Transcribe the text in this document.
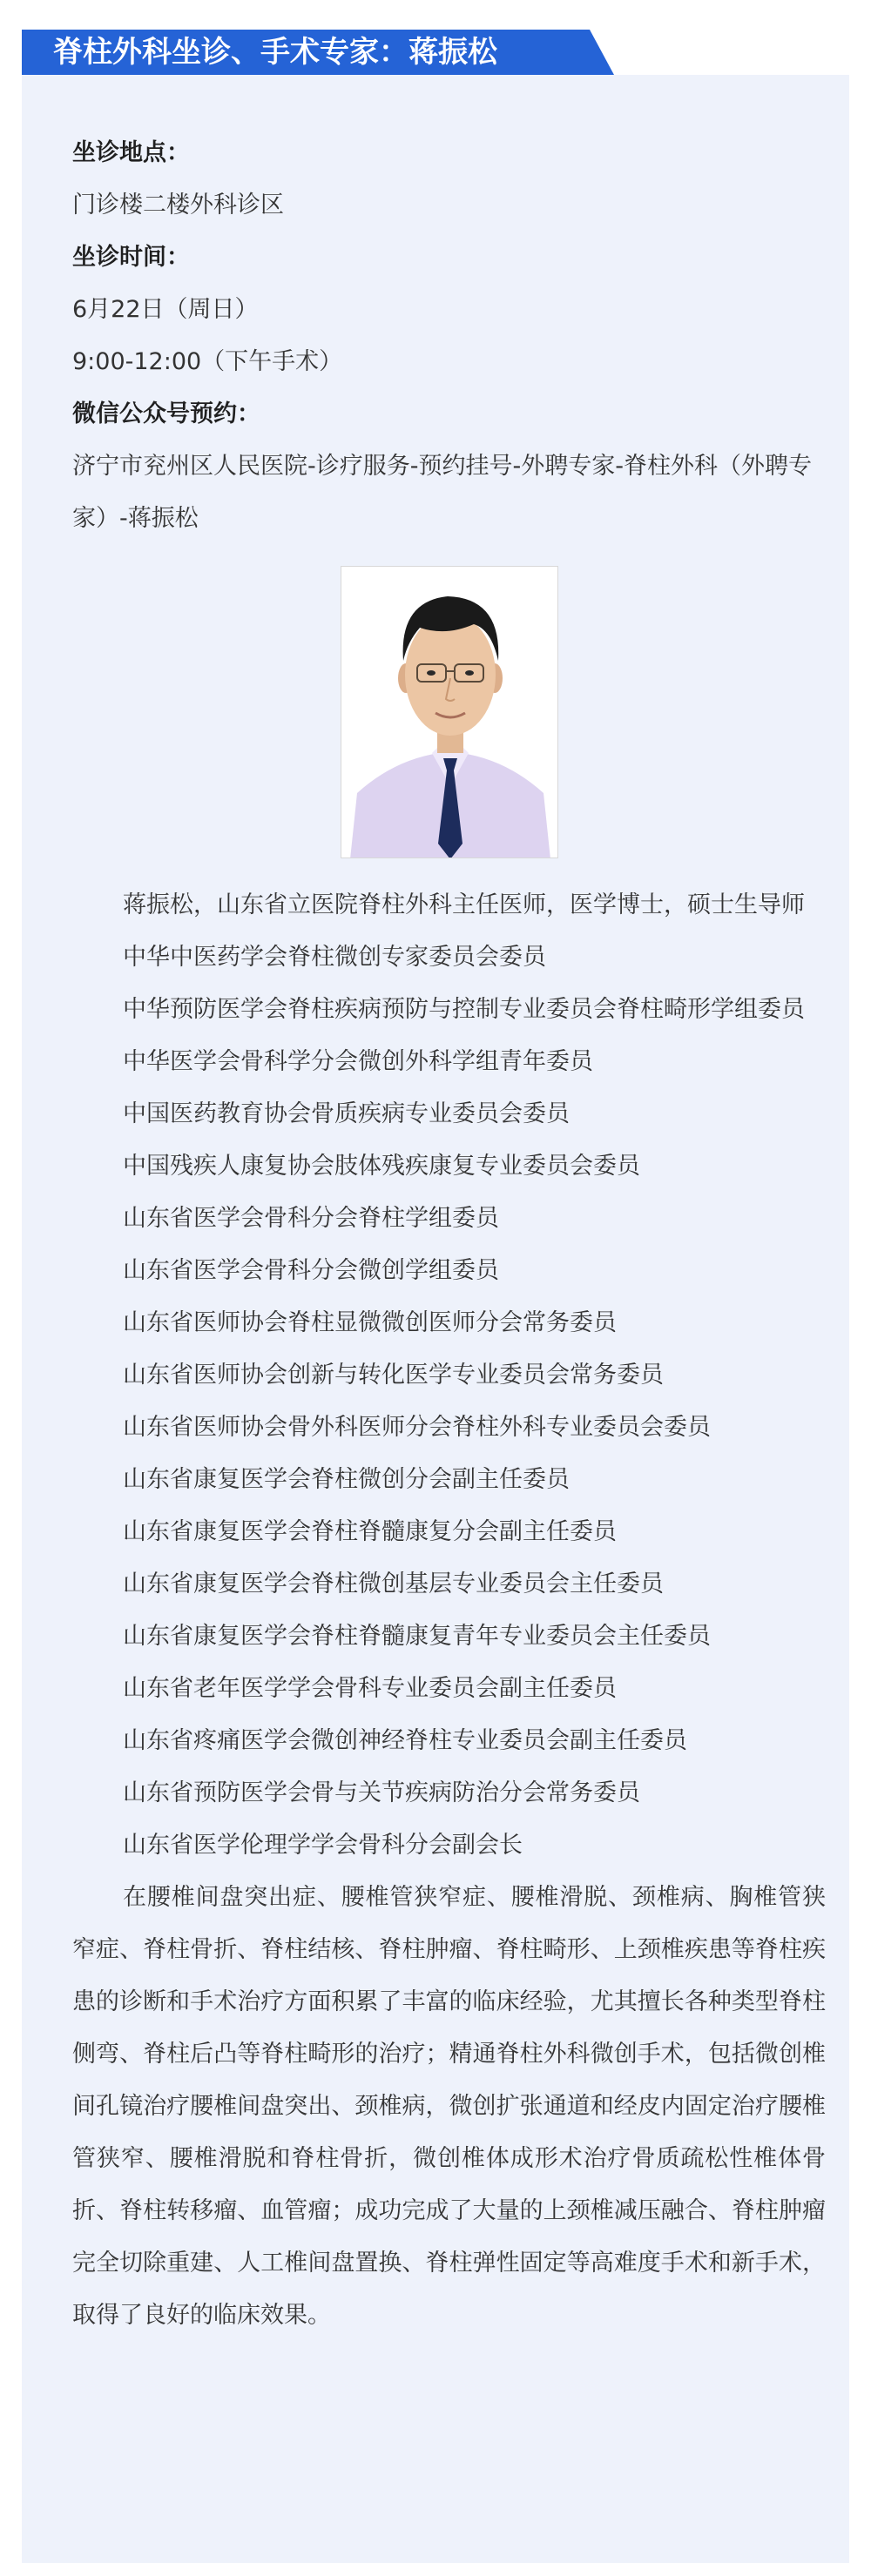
脊柱外科坐诊、手术专家：蒋振松
坐诊地点：
门诊楼二楼外科诊区
坐诊时间：
6月22日（周日）
9:00-12:00（下午手术）
微信公众号预约：
济宁市兖州区人民医院-诊疗服务-预约挂号-外聘专家-脊柱外科（外聘专家）-蒋振松
蒋振松，山东省立医院脊柱外科主任医师，医学博士，硕士生导师
中华中医药学会脊柱微创专家委员会委员
中华预防医学会脊柱疾病预防与控制专业委员会脊柱畸形学组委员
中华医学会骨科学分会微创外科学组青年委员
中国医药教育协会骨质疾病专业委员会委员
中国残疾人康复协会肢体残疾康复专业委员会委员
山东省医学会骨科分会脊柱学组委员
山东省医学会骨科分会微创学组委员
山东省医师协会脊柱显微微创医师分会常务委员
山东省医师协会创新与转化医学专业委员会常务委员
山东省医师协会骨外科医师分会脊柱外科专业委员会委员
山东省康复医学会脊柱微创分会副主任委员
山东省康复医学会脊柱脊髓康复分会副主任委员
山东省康复医学会脊柱微创基层专业委员会主任委员
山东省康复医学会脊柱脊髓康复青年专业委员会主任委员
山东省老年医学学会骨科专业委员会副主任委员
山东省疼痛医学会微创神经脊柱专业委员会副主任委员
山东省预防医学会骨与关节疾病防治分会常务委员
山东省医学伦理学学会骨科分会副会长
在腰椎间盘突出症、腰椎管狭窄症、腰椎滑脱、颈椎病、胸椎管狭窄症、脊柱骨折、脊柱结核、脊柱肿瘤、脊柱畸形、上颈椎疾患等脊柱疾患的诊断和手术治疗方面积累了丰富的临床经验，尤其擅长各种类型脊柱侧弯、脊柱后凸等脊柱畸形的治疗；精通脊柱外科微创手术，包括微创椎间孔镜治疗腰椎间盘突出、颈椎病，微创扩张通道和经皮内固定治疗腰椎管狭窄、腰椎滑脱和脊柱骨折，微创椎体成形术治疗骨质疏松性椎体骨折、脊柱转移瘤、血管瘤；成功完成了大量的上颈椎减压融合、脊柱肿瘤完全切除重建、人工椎间盘置换、脊柱弹性固定等高难度手术和新手术，取得了良好的临床效果。
